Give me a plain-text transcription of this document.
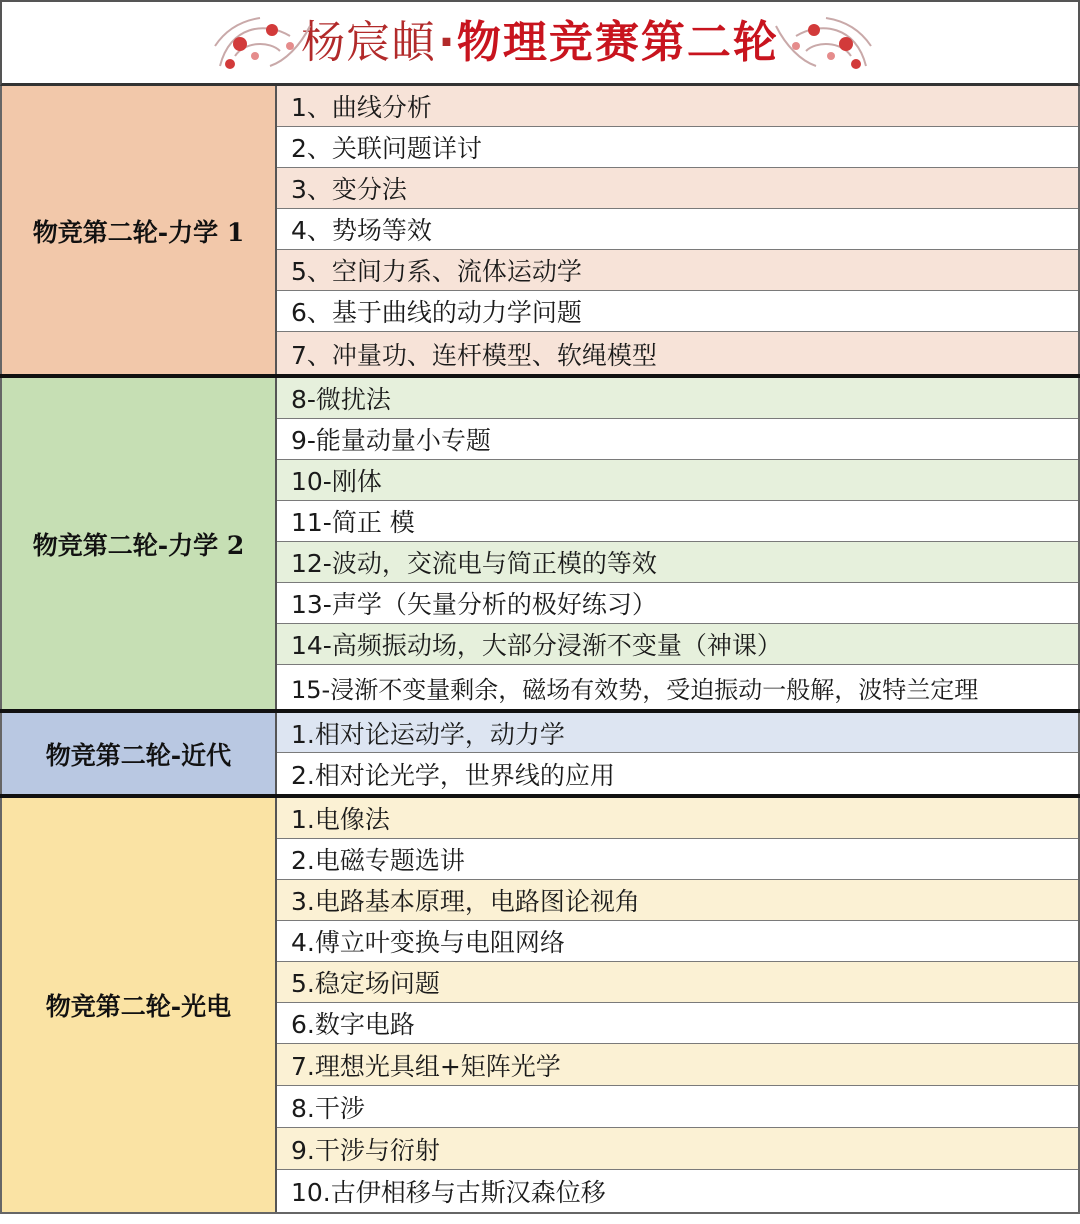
杨宸頔 · 物理竞赛第二轮
物竞第二轮-力学 1
1、曲线分析
2、关联问题详讨
3、变分法
4、势场等效
5、空间力系、流体运动学
6、基于曲线的动力学问题
7、冲量功、连杆模型、软绳模型
物竞第二轮-力学 2
8-微扰法
9-能量动量小专题
10-刚体
11-简正 模
12-波动，交流电与简正模的等效
13-声学（矢量分析的极好练习）
14-高频振动场，大部分浸渐不变量（神课）
15-浸渐不变量剩余，磁场有效势，受迫振动一般解，波特兰定理
物竞第二轮-近代
1.相对论运动学，动力学
2.相对论光学，世界线的应用
物竞第二轮-光电
1.电像法
2.电磁专题选讲
3.电路基本原理，电路图论视角
4.傅立叶变换与电阻网络
5.稳定场问题
6.数字电路
7.理想光具组+矩阵光学
8.干涉
9.干涉与衍射
10.古伊相移与古斯汉森位移
